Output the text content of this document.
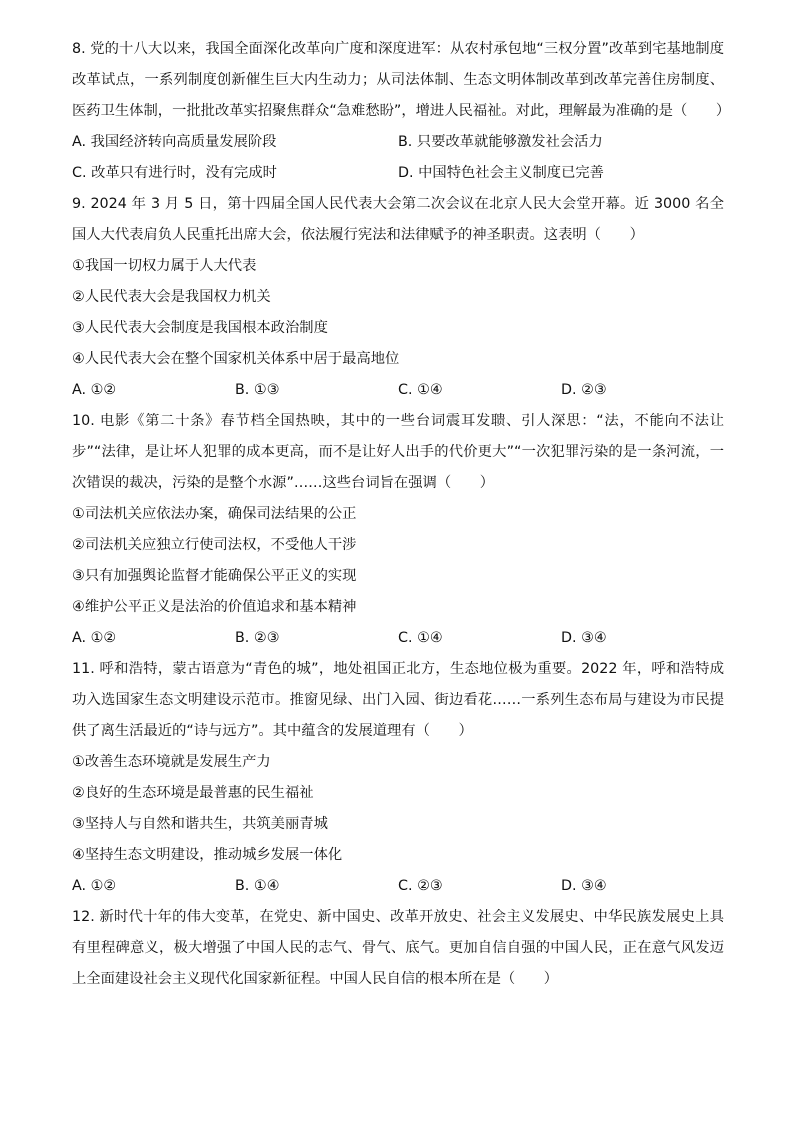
8. 党的十八大以来，我国全面深化改革向广度和深度进军：从农村承包地“三权分置”改革到宅基地制度改革试点，一系列制度创新催生巨大内生动力；从司法体制、生态文明体制改革到改革完善住房制度、医药卫生体制，一批批改革实招聚焦群众“急难愁盼”，增进人民福祉。对此，理解最为准确的是（　　）

A. 我国经济转向高质量发展阶段	B. 只要改革就能够激发社会活力
C. 改革只有进行时，没有完成时	D. 中国特色社会主义制度已完善

9. 2024 年 3 月 5 日，第十四届全国人民代表大会第二次会议在北京人民大会堂开幕。近 3000 名全国人大代表肩负人民重托出席大会，依法履行宪法和法律赋予的神圣职责。这表明（　　）

①我国一切权力属于人大代表

②人民代表大会是我国权力机关

③人民代表大会制度是我国根本政治制度

④人民代表大会在整个国家机关体系中居于最高地位

A. ①②	B. ①③	C. ①④	D. ②③

10. 电影《第二十条》春节档全国热映，其中的一些台词震耳发聩、引人深思：“法，不能向不法让步”“法律，是让坏人犯罪的成本更高，而不是让好人出手的代价更大”“一次犯罪污染的是一条河流，一次错误的裁决，污染的是整个水源”……这些台词旨在强调（　　）

①司法机关应依法办案，确保司法结果的公正

②司法机关应独立行使司法权，不受他人干涉

③只有加强舆论监督才能确保公平正义的实现

④维护公平正义是法治的价值追求和基本精神

A. ①②	B. ②③	C. ①④	D. ③④

11. 呼和浩特，蒙古语意为“青色的城”，地处祖国正北方，生态地位极为重要。2022 年，呼和浩特成功入选国家生态文明建设示范市。推窗见绿、出门入园、街边看花……一系列生态布局与建设为市民提供了离生活最近的“诗与远方”。其中蕴含的发展道理有（　　）

①改善生态环境就是发展生产力

②良好的生态环境是最普惠的民生福祉

③坚持人与自然和谐共生，共筑美丽青城

④坚持生态文明建设，推动城乡发展一体化

A. ①②	B. ①④	C. ②③	D. ③④

12. 新时代十年的伟大变革，在党史、新中国史、改革开放史、社会主义发展史、中华民族发展史上具有里程碑意义，极大增强了中国人民的志气、骨气、底气。更加自信自强的中国人民，正在意气风发迈上全面建设社会主义现代化国家新征程。中国人民自信的根本所在是（　　）
